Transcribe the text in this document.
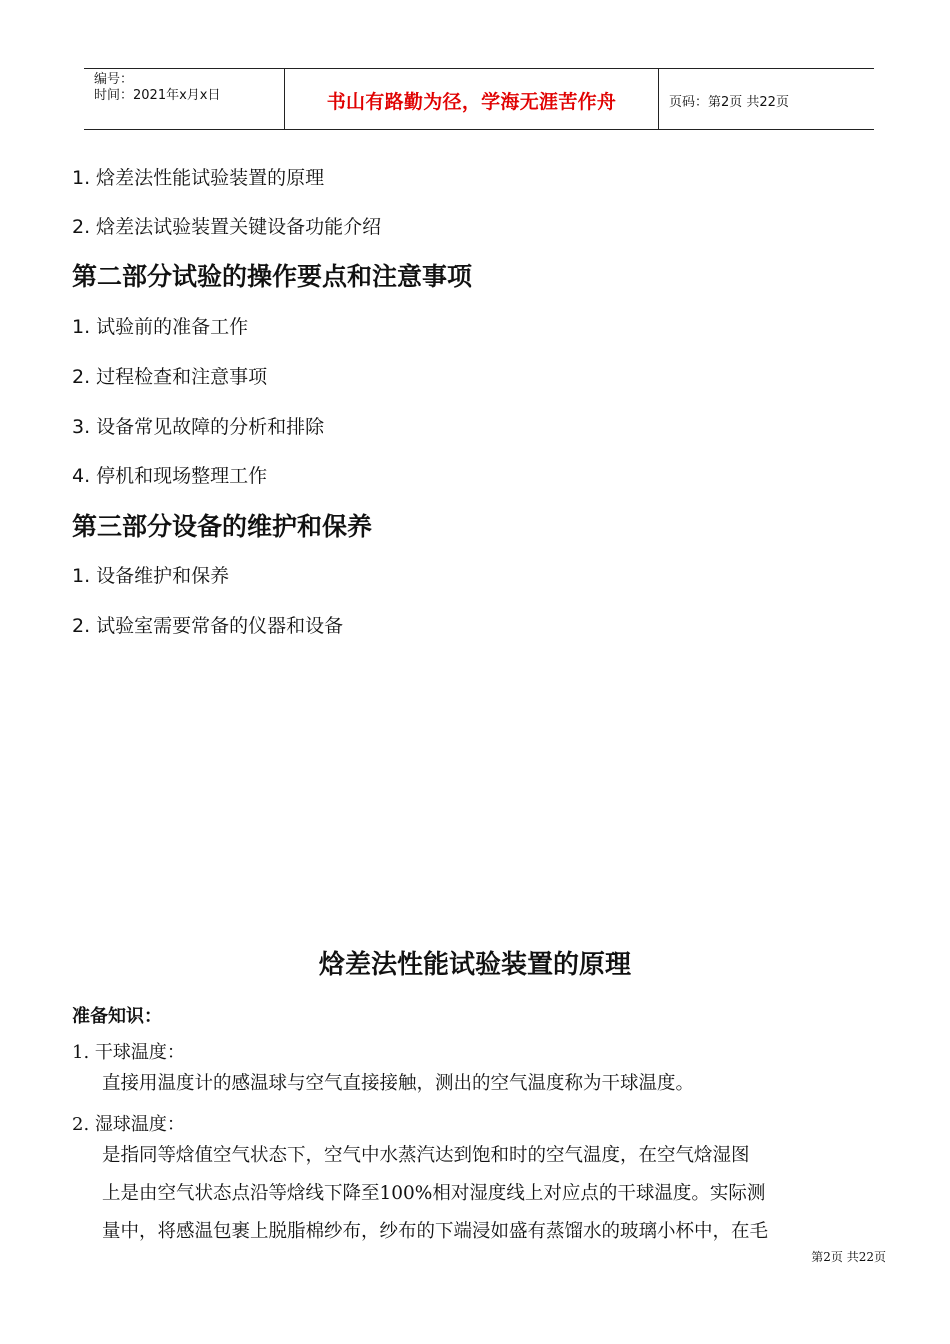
编号：
时间：2021年x月x日	书山有路勤为径，学海无涯苦作舟	页码：第2页 共22页
1. 焓差法性能试验装置的原理
2. 焓差法试验装置关键设备功能介绍
第二部分试验的操作要点和注意事项
1. 试验前的准备工作
2. 过程检查和注意事项
3. 设备常见故障的分析和排除
4. 停机和现场整理工作
第三部分设备的维护和保养
1. 设备维护和保养
2. 试验室需要常备的仪器和设备
焓差法性能试验装置的原理
准备知识：
1. 干球温度：
直接用温度计的感温球与空气直接接触，测出的空气温度称为干球温度。
2. 湿球温度：
是指同等焓值空气状态下，空气中水蒸汽达到饱和时的空气温度，在空气焓湿图
上是由空气状态点沿等焓线下降至100%相对湿度线上对应点的干球温度。实际测
量中，将感温包裹上脱脂棉纱布，纱布的下端浸如盛有蒸馏水的玻璃小杯中，在毛
第2页 共22页
